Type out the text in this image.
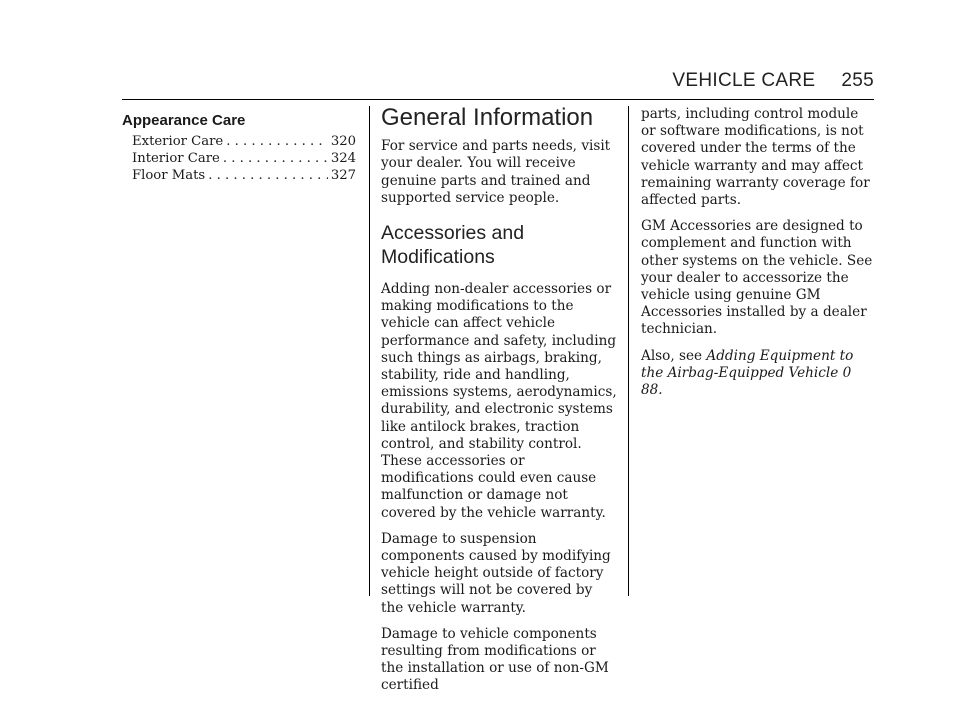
VEHICLE CARE 255
Appearance Care
Exterior Care . . .	320
Interior Care . . .	324
Floor Mats . . .	327
General Information

For service and parts needs, visit your dealer. You will receive genuine parts and trained and supported service people.

Accessories and
Modifications

Adding non-dealer accessories or making modifications to the vehicle can affect vehicle performance and safety, including such things as airbags, braking, stability, ride and handling, emissions systems, aerodynamics, durability, and electronic systems like antilock brakes, traction control, and stability control. These accessories or modifications could even cause malfunction or damage not covered by the vehicle warranty.

Damage to suspension components caused by modifying vehicle height outside of factory settings will not be covered by the vehicle warranty.

Damage to vehicle components resulting from modifications or the installation or use of non-GM certified

parts, including control module or software modifications, is not covered under the terms of the vehicle warranty and may affect remaining warranty coverage for affected parts.

GM Accessories are designed to complement and function with other systems on the vehicle. See your dealer to accessorize the vehicle using genuine GM Accessories installed by a dealer technician.

Also, see Adding Equipment to the Airbag-Equipped Vehicle 0 88.
